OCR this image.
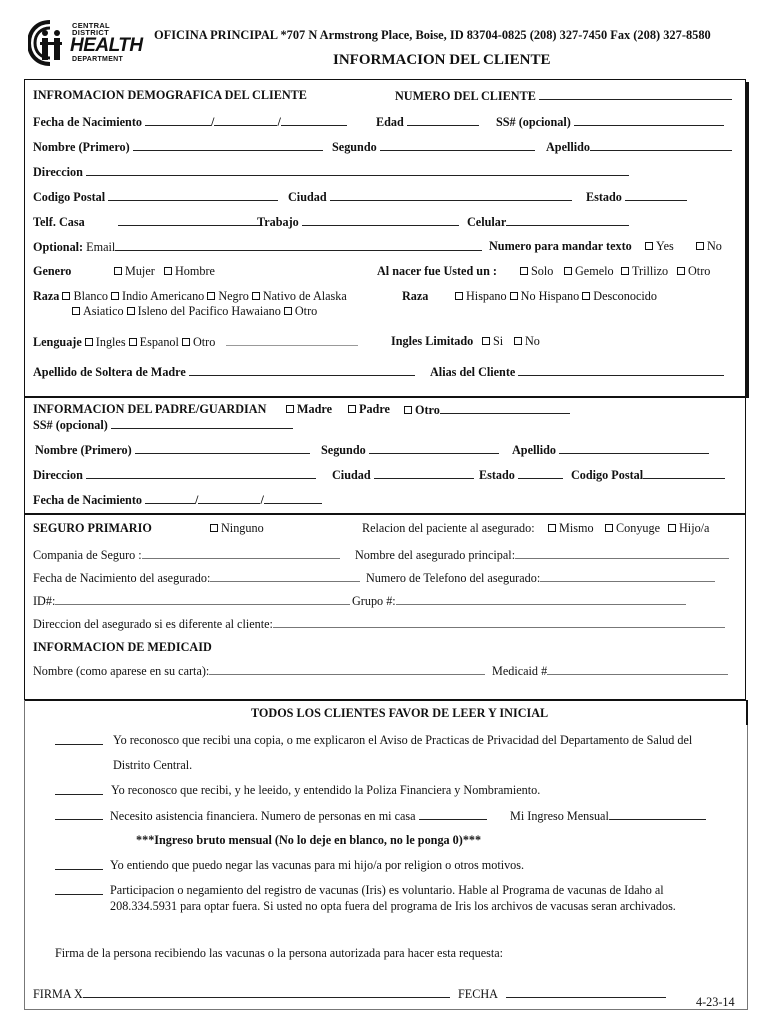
CENTRAL
DISTRICT
HEALTH
DEPARTMENT
OFICINA PRINCIPAL *707 N Armstrong Place, Boise, ID 83704-0825 (208) 327-7450 Fax (208) 327-8580
INFORMACION DEL CLIENTE
INFROMACION DEMOGRAFICA DEL CLIENTE	NUMERO DEL CLIENTE
Fecha de Nacimiento	/	/	Edad	SS# (opcional)
Nombre (Primero)	Segundo	Apellido
Direccion
Codigo Postal	Ciudad	Estado
Telf. Casa	Trabajo	Celular
Optional: Email	Numero para mandar texto	Yes	No
Genero	Mujer	Hombre	Al nacer fue Usted un :	Solo	Gemelo	Trillizo	Otro
Raza Blanco Indio Americano Negro Nativo de Alaska	Raza	Hispano No Hispano Desconocido
Asiatico Isleno del Pacifico Hawaiano Otro
Lenguaje Ingles Espanol Otro	Ingles Limitado	Si	No
Apellido de Soltera de Madre	Alias del Cliente
INFORMACION DEL PADRE/GUARDIAN	Madre	Padre	Otro
SS# (opcional)
Nombre (Primero)	Segundo	Apellido
Direccion	Ciudad	Estado	Codigo Postal
Fecha de Nacimiento	/	/
SEGURO PRIMARIO	Ninguno	Relacion del paciente al asegurado:	Mismo	Conyuge	Hijo/a
Compania de Seguro :	Nombre del asegurado principal:
Fecha de Nacimiento del asegurado:	Numero de Telefono del asegurado:
ID#:	Grupo #:
Direccion del asegurado si es diferente al cliente:
INFORMACION DE MEDICAID
Nombre (como aparese en su carta):	Medicaid #
TODOS LOS CLIENTES FAVOR DE LEER Y INICIAL
Yo reconosco que recibi una copia, o me explicaron el Aviso de Practicas de Privacidad del Departamento de Salud del
Distrito Central.
Yo reconosco que recibi, y he leeido, y entendido la Poliza Financiera y Nombramiento.
Necesito asistencia financiera. Numero de personas en mi casa	Mi Ingreso Mensual
***Ingreso bruto mensual (No lo deje en blanco, no le ponga 0)***
Yo entiendo que puedo negar las vacunas para mi hijo/a por religion o otros motivos.
Participacion o negamiento del registro de vacunas (Iris) es voluntario. Hable al Programa de vacunas de Idaho al
208.334.5931 para optar fuera. Si usted no opta fuera del programa de Iris los archivos de vacusas seran archivados.
Firma de la persona recibiendo las vacunas o la persona autorizada para hacer esta requesta:
FIRMA X	FECHA
4-23-14
